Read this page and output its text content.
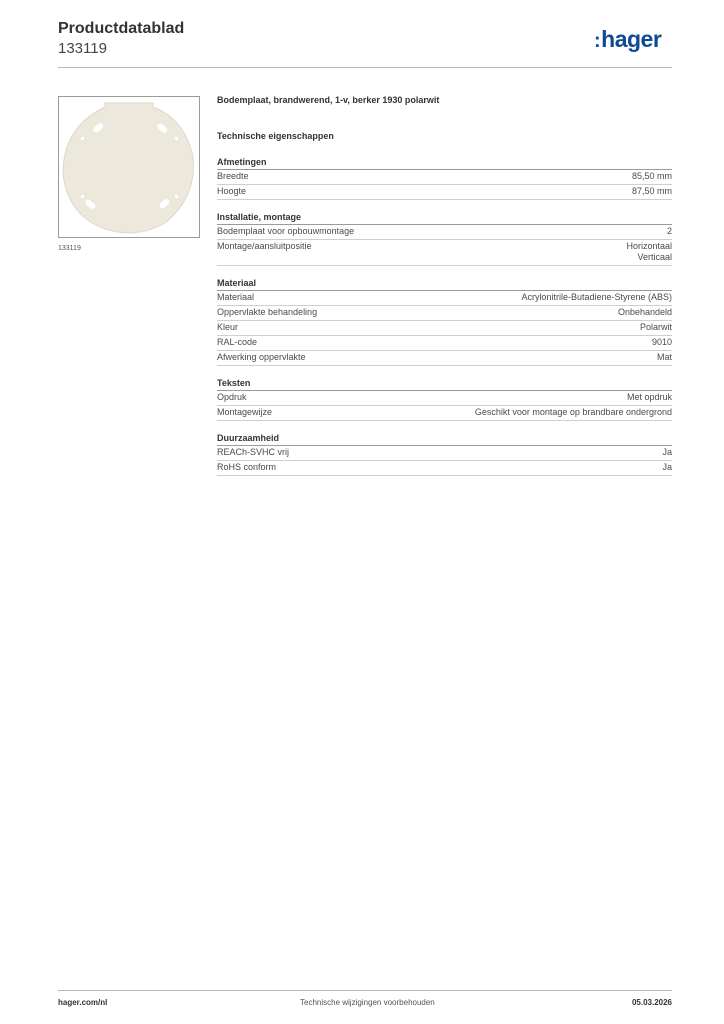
Productdatablad
133119	:hager
133119
Bodemplaat, brandwerend, 1-v, berker 1930 polarwit
Technische eigenschappen
Afmetingen
Breedte	85,50 mm
Hoogte	87,50 mm
Installatie, montage
Bodemplaat voor opbouwmontage	2
Montage/aansluitpositie	Horizontaal
Verticaal
Materiaal
Materiaal	Acrylonitrile-Butadiene-Styrene (ABS)
Oppervlakte behandeling	Onbehandeld
Kleur	Polarwit
RAL-code	9010
Afwerking oppervlakte	Mat
Teksten
Opdruk	Met opdruk
Montagewijze	Geschikt voor montage op brandbare ondergrond
Duurzaamheid
REACh-SVHC vrij	Ja
RoHS conform	Ja
hager.com/nl	Technische wijzigingen voorbehouden	05.03.2026
